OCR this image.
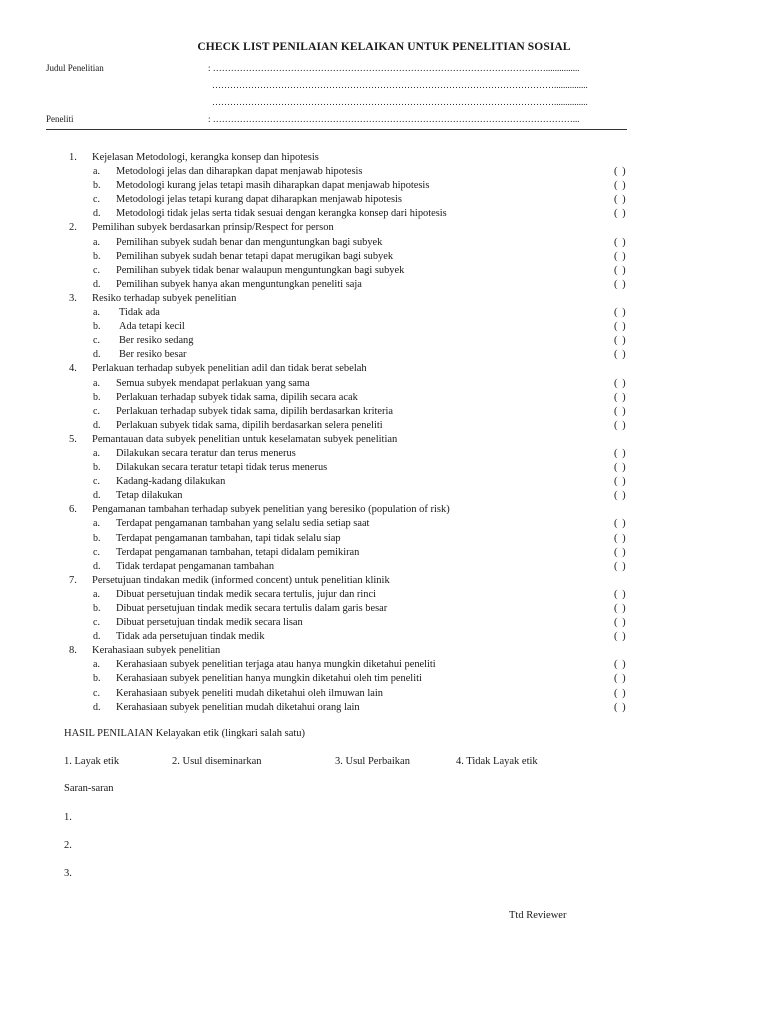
CHECK LIST PENILAIAN KELAIKAN UNTUK PENELITIAN SOSIAL
Judul Penelitian	: …………………………………………………………………………………………………...............
……………………………………………………………………………………………………...............
……………………………………………………………………………………………………...............
Peneliti	: …………………………………………………………………………………………………………...
1. Kejelasan Metodologi, kerangka konsep dan hipotesis
a. Metodologi jelas dan diharapkan dapat menjawab hipotesis	( )
b. Metodologi kurang jelas tetapi masih diharapkan dapat menjawab hipotesis	( )
c. Metodologi jelas tetapi kurang dapat diharapkan menjawab hipotesis	( )
d. Metodologi tidak jelas serta tidak sesuai dengan kerangka konsep dari hipotesis	( )
2. Pemilihan subyek berdasarkan prinsip/Respect for person
a. Pemilihan subyek sudah benar dan menguntungkan bagi subyek	( )
b. Pemilihan subyek sudah benar tetapi dapat merugikan bagi subyek	( )
c. Pemilihan subyek tidak benar walaupun menguntungkan bagi subyek	( )
d. Pemilihan subyek hanya akan menguntungkan peneliti saja	( )
3. Resiko terhadap subyek penelitian
a. Tidak ada	( )
b. Ada tetapi kecil	( )
c. Ber resiko sedang	( )
d. Ber resiko besar	( )
4. Perlakuan terhadap subyek penelitian adil dan tidak berat sebelah
a. Semua subyek mendapat perlakuan yang sama	( )
b. Perlakuan terhadap subyek tidak sama, dipilih secara acak	( )
c. Perlakuan terhadap subyek tidak sama, dipilih berdasarkan kriteria	( )
d. Perlakuan subyek tidak sama, dipilih berdasarkan selera peneliti	( )
5. Pemantauan data subyek penelitian untuk keselamatan subyek penelitian
a. Dilakukan secara teratur dan terus menerus	( )
b. Dilakukan secara teratur tetapi tidak terus menerus	( )
c. Kadang-kadang dilakukan	( )
d. Tetap dilakukan	( )
6. Pengamanan tambahan terhadap subyek penelitian yang beresiko (population of risk)
a. Terdapat pengamanan tambahan yang selalu sedia setiap saat	( )
b. Terdapat pengamanan tambahan, tapi tidak selalu siap	( )
c. Terdapat pengamanan tambahan, tetapi didalam pemikiran	( )
d. Tidak terdapat pengamanan tambahan	( )
7. Persetujuan tindakan medik (informed concent) untuk penelitian klinik
a. Dibuat persetujuan tindak medik secara tertulis, jujur dan rinci	( )
b. Dibuat persetujuan tindak medik secara tertulis dalam garis besar	( )
c. Dibuat persetujuan tindak medik secara lisan	( )
d. Tidak ada persetujuan tindak medik	( )
8. Kerahasiaan subyek penelitian
a. Kerahasiaan subyek penelitian terjaga atau hanya mungkin diketahui peneliti	( )
b. Kerahasiaan subyek penelitian hanya mungkin diketahui oleh tim peneliti	( )
c. Kerahasiaan subyek peneliti mudah diketahui oleh ilmuwan lain	( )
d. Kerahasiaan subyek penelitian mudah diketahui orang lain	( )
HASIL PENILAIAN Kelayakan etik (lingkari salah satu)
1. Layak etik	2. Usul diseminarkan	3. Usul Perbaikan	4. Tidak Layak etik
Saran-saran
1.
2.
3.
Ttd Reviewer
